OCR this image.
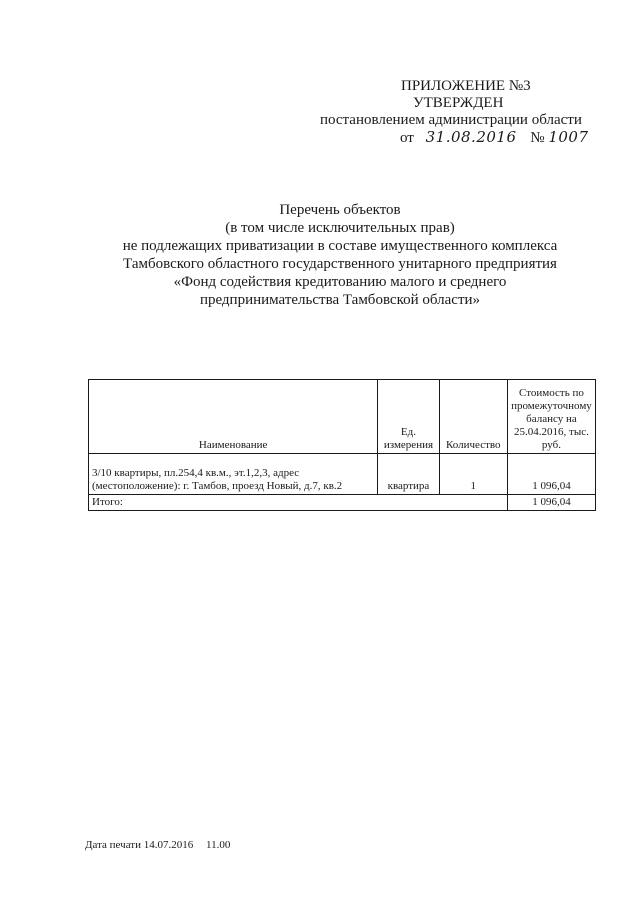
ПРИЛОЖЕНИЕ №3
УТВЕРЖДЕН
постановлением администрации области
от 31.08.2016 № 1007
Перечень объектов
(в том числе исключительных прав)
не подлежащих приватизации в составе имущественного комплекса
Тамбовского областного государственного унитарного предприятия
«Фонд содействия кредитованию малого и среднего
предпринимательства Тамбовской области»
Наименование	Ед. измерения	Количество	Стоимость по промежуточному балансу на 25.04.2016, тыс. руб.
3/10 квартиры, пл.254,4 кв.м., эт.1,2,3, адрес (местоположение): г. Тамбов, проезд Новый, д.7, кв.2	квартира	1	1 096,04
Итого:			1 096,04
Дата печати 14.07.2016 11.00
